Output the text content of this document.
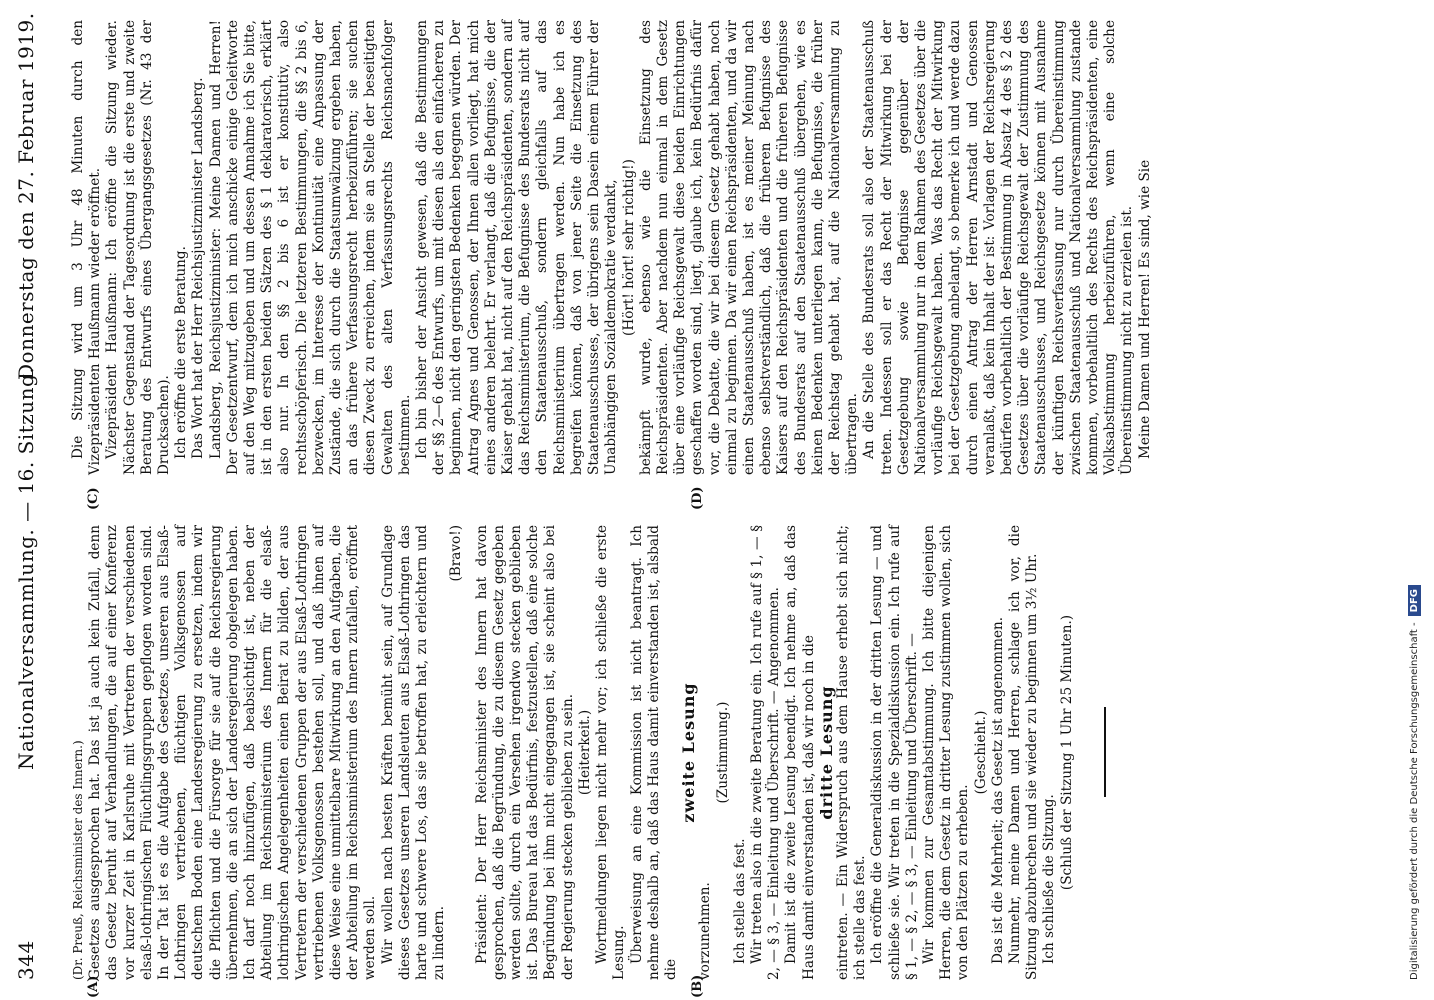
344
Nationalversammlung. — 16. Sitzung.
Donnerstag den 27. Februar 1919.
(A)	(B)
(C)	(D)

(Dr. Preuß, Reichsminister des Innern.) Gesetzes ausgesprochen hat. Das ist ja auch kein Zufall, denn das Gesetz beruht auf Verhandlungen, die auf einer Konferenz vor kurzer Zeit in Karlsruhe mit Vertretern der verschiedenen elsaß-lothringischen Flüchtlingsgruppen gepflogen worden sind. In der Tat ist es die Aufgabe des Gesetzes, unseren aus Elsaß-Lothringen vertriebenen, flüchtigen Volksgenossen auf deutschem Boden eine Landesregierung zu ersetzen, indem wir die Pflichten und die Fürsorge für sie auf die Reichsregierung übernehmen, die an sich der Landesregierung obgelegen haben. Ich darf noch hinzufügen, daß beabsichtigt ist, neben der Abteilung im Reichsministerium des Innern für die elsaß-lothringischen Angelegenheiten einen Beirat zu bilden, der aus Vertretern der verschiedenen Gruppen der aus Elsaß-Lothringen vertriebenen Volksgenossen bestehen soll, und daß ihnen auf diese Weise eine unmittelbare Mitwirkung an den Aufgaben, die der Abteilung im Reichsministerium des Innern zufallen, eröffnet werden soll. Wir wollen nach besten Kräften bemüht sein, auf Grundlage dieses Gesetzes unseren Landsleuten aus Elsaß-Lothringen das harte und schwere Los, das sie betroffen hat, zu erleichtern und zu lindern.

(Bravo!) Präsident: Der Herr Reichsminister des Innern hat davon gesprochen, daß die Begründung, die zu diesem Gesetz gegeben werden sollte, durch ein Versehen irgendwo stecken geblieben ist. Das Bureau hat das Bedürfnis, festzustellen, daß eine solche Begründung bei ihm nicht eingegangen ist, sie scheint also bei der Regierung stecken geblieben zu sein. (Heiterkeit.) Wortmeldungen liegen nicht mehr vor; ich schließe die erste Lesung. Überweisung an eine Kommission ist nicht beantragt. Ich nehme deshalb an, daß das Haus damit einverstanden ist, alsbald die

zweite Lesung

vorzunehmen.

(Zustimmung.)

Ich stelle das fest. Wir treten also in die zweite Beratung ein. Ich rufe auf § 1, — § 2, — § 3, — Einleitung und Überschrift. — Angenommen. Damit ist die zweite Lesung beendigt. Ich nehme an, daß das Haus damit einverstanden ist, daß wir noch in die dritte Lesung eintreten. — Ein Widerspruch aus dem Hause erhebt sich nicht; ich stelle das fest. Ich eröffne die Generaldiskussion in der dritten Lesung — und schließe sie. Wir treten in die Spezialdiskussion ein. Ich rufe auf § 1, — § 2, — § 3, — Einleitung und Überschrift. — Wir kommen zur Gesamtabstimmung. Ich bitte diejenigen Herren, die dem Gesetz in dritter Lesung zustimmen wollen, sich von den Plätzen zu erheben.

(Geschieht.) Das ist die Mehrheit; das Gesetz ist angenommen. Nunmehr, meine Damen und Herren, schlage ich vor, die Sitzung abzubrechen und sie wieder zu beginnen um 3½ Uhr. Ich schließe die Sitzung. (Schluß der Sitzung 1 Uhr 25 Minuten.)

Die Sitzung wird um 3 Uhr 48 Minuten durch den Vizepräsidenten Haußmann wieder eröffnet. Vizepräsident Haußmann: Ich eröffne die Sitzung wieder. Nächster Gegenstand der Tagesordnung ist die erste und zweite Beratung des Entwurfs eines Übergangsgesetzes (Nr. 43 der Drucksachen). Ich eröffne die erste Beratung. Das Wort hat der Herr Reichsjustizminister Landsberg. Landsberg, Reichsjustizminister: Meine Damen und Herren! Der Gesetzentwurf, dem ich mich anschicke einige Geleitworte auf den Weg mitzugeben und um dessen Annahme ich Sie bitte, ist in den ersten beiden Sätzen des § 1 deklaratorisch, erklärt also nur. In den §§ 2 bis 6 ist er konstitutiv, also rechtsschöpferisch. Die letzteren Bestimmungen, die §§ 2 bis 6, bezwecken, im Interesse der Kontinuität eine Anpassung der Zustände, die sich durch die Staatsumwälzung ergeben haben, an das frühere Verfassungsrecht herbeizuführen; sie suchen diesen Zweck zu erreichen, indem sie an Stelle der beseitigten Gewalten des alten Verfassungsrechts Reichsnachfolger bestimmen. Ich bin bisher der Ansicht gewesen, daß die Bestimmungen der §§ 2—6 des Entwurfs, um mit diesen als den einfacheren zu beginnen, nicht den geringsten Bedenken begegnen würden. Der Antrag Agnes und Genossen, der Ihnen allen vorliegt, hat mich eines anderen belehrt. Er verlangt, daß die Befugnisse, die der Kaiser gehabt hat, nicht auf den Reichspräsidenten, sondern auf das Reichsministerium, die Befugnisse des Bundesrats nicht auf den Staatenausschuß, sondern gleichfalls auf das Reichsministerium übertragen werden. Nun habe ich es begreifen können, daß von jener Seite die Einsetzung des Staatenausschusses, der übrigens sein Dasein einem Führer der Unabhängigen Sozialdemokratie verdankt, (Hört! hört! sehr richtig!) bekämpft wurde, ebenso wie die Einsetzung des Reichspräsidenten. Aber nachdem nun einmal in dem Gesetz über eine vorläufige Reichsgewalt diese beiden Einrichtungen geschaffen worden sind, liegt, glaube ich, kein Bedürfnis dafür vor, die Debatte, die wir bei diesem Gesetz gehabt haben, noch einmal zu beginnen. Da wir einen Reichspräsidenten, und da wir einen Staatenausschuß haben, ist es meiner Meinung nach ebenso selbstverständlich, daß die früheren Befugnisse des Kaisers auf den Reichspräsidenten und die früheren Befugnisse des Bundesrats auf den Staatenausschuß übergehen, wie es keinen Bedenken unterliegen kann, die Befugnisse, die früher der Reichstag gehabt hat, auf die Nationalversammlung zu übertragen. An die Stelle des Bundesrats soll also der Staatenausschuß treten. Indessen soll er das Recht der Mitwirkung bei der Gesetzgebung sowie Befugnisse gegenüber der Nationalversammlung nur in dem Rahmen des Gesetzes über die vorläufige Reichsgewalt haben. Was das Recht der Mitwirkung bei der Gesetzgebung anbelangt, so bemerke ich und werde dazu durch einen Antrag der Herren Arnstadt und Genossen veranlaßt, daß kein Inhalt der ist: Vorlagen der Reichsregierung bedürfen vorbehaltlich der Bestimmung in Absatz 4 des § 2 des Gesetzes über die vorläufige Reichsgewalt der Zustimmung des Staatenausschusses, und Reichsgesetze können mit Ausnahme der künftigen Reichsverfassung nur durch Übereinstimmung zwischen Staatenausschuß und Nationalversammlung zustande kommen, vorbehaltlich des Rechts des Reichspräsidenten, eine Volksabstimmung herbeizuführen, wenn eine solche Übereinstimmung nicht zu erzielen ist. Meine Damen und Herren! Es sind, wie Sie

Digitalisierung gefördert durch die Deutsche Forschungsgemeinschaft -DFG
